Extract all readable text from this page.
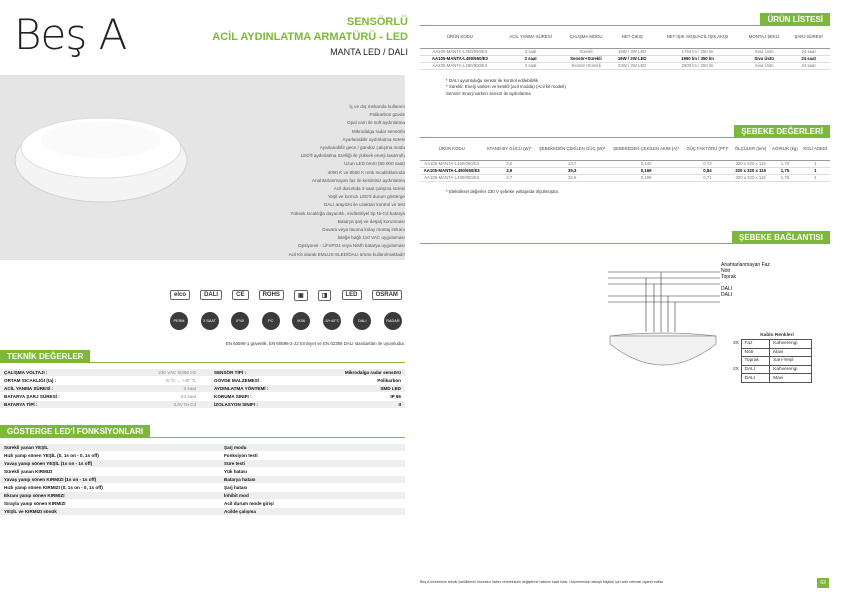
Beş A	SENSÖRLÜ
ACİL AYDINLATMA ARMATÜRÜ - LED
MANTA LED / DALI
İç ve dış mekanda kullanım
Polikarbon gövde
Opal cam ile soft aydınlatma
Mikrodalga radar sensörlü
Ayarlanabilir aydınlatma süresi
Ayarlanabilir gece / gündüz çalışma modu
LED'li aydınlatma özelliği ile yüksek enerji tasarrufu
Uzun LED ömrü (50.000 saat)
4000 K ve 6500 K renk sıcaklıklarında
Anahtarlanmayan faz ile kesintisiz aydınlatma
Acil durumda 3 saat çalışma süresi
Yeşil ve kırmızı LED'li durum gösterge
DALI arayüzü ile uzaktan kontrol ve test
Yüksek sıcaklığa dayanıklı, endüstriyel tip Ni-Cd batarya
Batarya şarj ve deşarj korunması
Duvara veya tavana kolay montaj imkanı
İsteğe bağlı 110 VAC uygulaması
Opsiyonel - LiFePO4 veya NiMh batarya uygulaması
Acil Kit olarak EMLUS-SLED/DALI ürünü kullanılmaktadır
elco	DALI	CE	ROHS	▣	◨	LED	OSRAM
PERM	3 SAAT	IP40	PC	IK06	-5/+40°C	DALI	RADAR
EN 60598-1 güvenlik, EN 60598-2-22 Emniyet ve EN 62386 DALI standartları ile uyumludur.
TEKNİK DEĞERLER
ÇALIŞMA VOLTAJI :	230 VAC 50/60 Hz	SENSÖR TİPİ :	Mikrodalga radar sensörü
ORTAM SICAKLIĞI (ta) :	-5 °C ... +40 °C	GÖVDE MALZEMESİ :	Polikarbon
ACİL YANMA SÜRESİ :	3 saat	AYDINLATMA YÖNTEMİ :	SMD LED
BATARYA ŞARJ SÜRESİ :	24 saat	KORUMA SINIFI :	IP 65
BATARYA TİPİ :	3,6V Ni-Cd	İZOLASYON SINIFI :	II
GÖSTERGE LED'İ FONKSİYONLARI
Sürekli yanan YEŞİL	Şarj modu
Hızlı yanıp sönen YEŞİL (0, 1s on - 0, 1s off)	Fonksiyon testi
Yavaş yanıp sönen YEŞİL (1s on - 1s off)	Süre testi
Sürekli yanan KIRMIZI	Yük hatası
Yavaş yanıp sönen KIRMIZI (1s on - 1s off)	Batarya hatası
Hızlı yanıp sönen KIRMIZI (0, 1s on - 0, 1s off)	Şarj hatası
Ekranı yanıp sönen KIRMIZI	İnhibit mod
Sırayla yanıp sönen KIRMIZI	Acil durum mode girişi
YEŞİL ve KIRMIZI sönük	Acilde çalışma
ÜRÜN LİSTESİ
ÜRÜN KODU	ACİL YANMA SÜRESİ	ÇALIŞMA MODU	NET ÇIKIŞ	NET IŞIK AKIŞI/ACİL IŞIK AKIŞI	MONTAJ ŞEKLİ	ŞARJ SÜRESİ
AA105-MANTA-L450/050/E3	3 saat	Sürekli	16W / 3W LED	1750 lm / 250 lm	Sıva Üstü	24 saat
AA105-MANTA-L490/650/E3	3 saat	Sensör+Sürekli	16W / 3W LED	1950 lm / 350 lm	Sıva Üstü	24 saat
AA105-MANTA-L490/900/E3	3 saat	Sensör+Sürekli	23W / 3W LED	2500 lm / 250 lm	Sıva Üstü	24 saat
* DALI uyumluluğu sensör ile kontrol edilebilirlik
* Sürekli: Enerji varken ve kesikli (acil modda) (Acil kit modeli)
Sensör: Enerji varken sensör ile aydınlatma
ŞEBEKE DEĞERLERİ
ÜRÜN KODU	STAND-BY GÜCÜ (W)*	ŞEBEKEDEN ÇEKİLEN GÜÇ (W)*	ŞEBEKEDEN ÇEKİLEN AKIM (A)*	GÜÇ FAKTÖRÜ (PF)*	ÖLÇÜLER (mm)	AĞIRLIK (kg)	KOLİ ADEDİ
AA105-MANTA-L450/050/E3	3,0	23,7	0,140	0,73	320 x 320 x 115	1,70	1
AA105-MANTA-L490/650/E3	3,9	35,3	0,169	0,84	320 x 320 x 115	1,75	1
AA105-MANTA-L490/900/E3	3,7	32,6	0,198	0,71	320 x 320 x 115	1,75	1
* Elektriksel değerler 230 V şebeke voltajında ölçülmüştür.
ŞEBEKE BAĞLANTISI
Anahtarlanmayan Faz
Nötr
Toprak
DALI
DALI
Kablo Renkleri
3X	Faz	Kahverengi
	Nötr	Mavi
	Toprak	Sarı-Yeşil
2X	DALI	Kahverengi
	DALI	Mavi
Beş A ürünlerinin teknik özelliklerini önceden haber vermeksizin değiştirme hakkını saklı tutar. Ürünlerimizin detaylı bilgileri için web sitemizi ziyaret ediniz.	63
